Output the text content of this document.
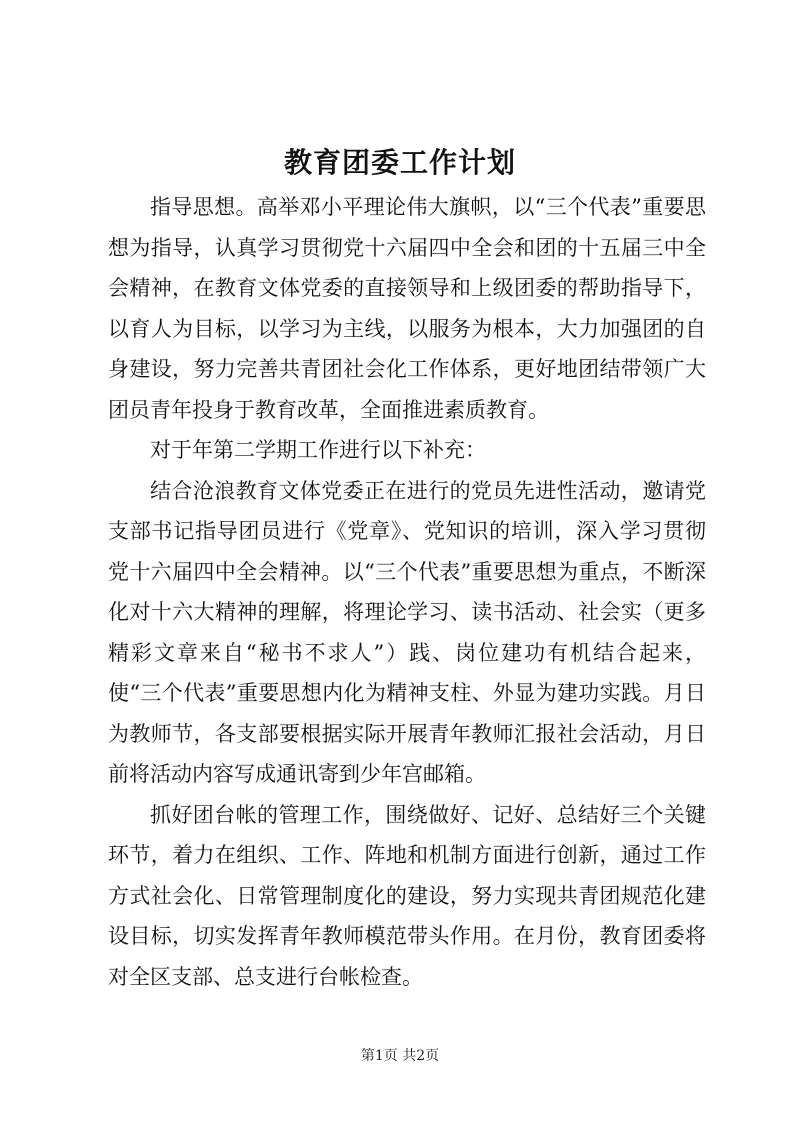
教育团委工作计划

指导思想。高举邓小平理论伟大旗帜，以“三个代表”重要思想为指导，认真学习贯彻党十六届四中全会和团的十五届三中全会精神，在教育文体党委的直接领导和上级团委的帮助指导下，以育人为目标，以学习为主线，以服务为根本，大力加强团的自身建设，努力完善共青团社会化工作体系，更好地团结带领广大团员青年投身于教育改革，全面推进素质教育。

对于年第二学期工作进行以下补充：

结合沧浪教育文体党委正在进行的党员先进性活动，邀请党支部书记指导团员进行《党章》、党知识的培训，深入学习贯彻党十六届四中全会精神。以“三个代表”重要思想为重点，不断深化对十六大精神的理解，将理论学习、读书活动、社会实（更多精彩文章来自“秘书不求人”）践、岗位建功有机结合起来，使“三个代表”重要思想内化为精神支柱、外显为建功实践。月日为教师节，各支部要根据实际开展青年教师汇报社会活动，月日前将活动内容写成通讯寄到少年宫邮箱。

抓好团台帐的管理工作，围绕做好、记好、总结好三个关键环节，着力在组织、工作、阵地和机制方面进行创新，通过工作方式社会化、日常管理制度化的建设，努力实现共青团规范化建设目标，切实发挥青年教师模范带头作用。在月份，教育团委将对全区支部、总支进行台帐检查。

第1页 共2页
